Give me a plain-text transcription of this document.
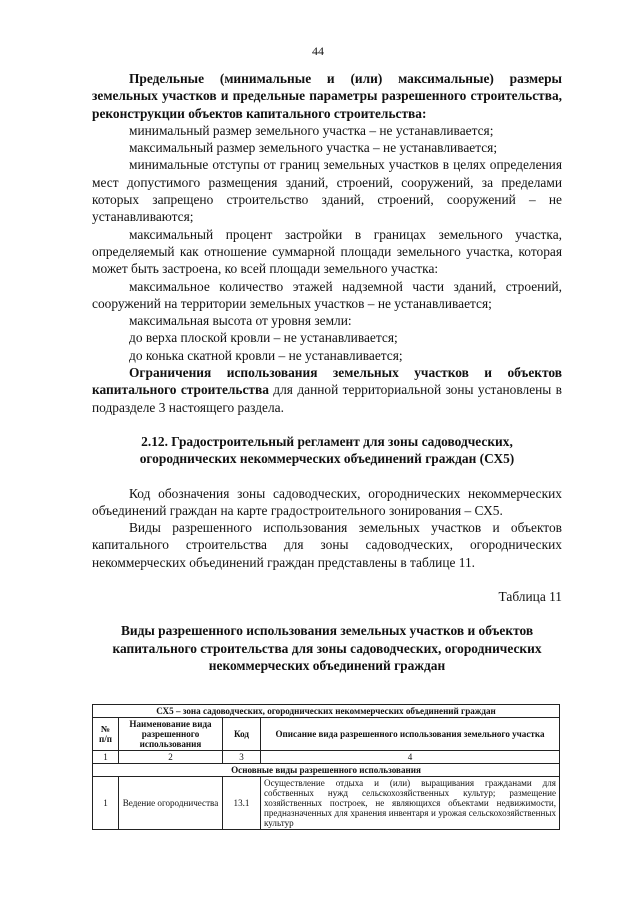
44

Предельные (минимальные и (или) максимальные) размеры земельных участков и предельные параметры разрешенного строительства, реконструкции объектов капитального строительства:

минимальный размер земельного участка – не устанавливается;

максимальный размер земельного участка – не устанавливается;

минимальные отступы от границ земельных участков в целях определения мест допустимого размещения зданий, строений, сооружений, за пределами которых запрещено строительство зданий, строений, сооружений – не устанавливаются;

максимальный процент застройки в границах земельного участка, определяемый как отношение суммарной площади земельного участка, которая может быть застроена, ко всей площади земельного участка:

максимальное количество этажей надземной части зданий, строений, сооружений на территории земельных участков – не устанавливается;

максимальная высота от уровня земли:

до верха плоской кровли – не устанавливается;

до конька скатной кровли – не устанавливается;

Ограничения использования земельных участков и объектов капитального строительства для данной территориальной зоны установлены в подразделе 3 настоящего раздела.

2.12. Градостроительный регламент для зоны садоводческих, огороднических некоммерческих объединений граждан (СХ5)

Код обозначения зоны садоводческих, огороднических некоммерческих объединений граждан на карте градостроительного зонирования – СХ5.

Виды разрешенного использования земельных участков и объектов капитального строительства для зоны садоводческих, огороднических некоммерческих объединений граждан представлены в таблице 11.

Таблица 11

Виды разрешенного использования земельных участков и объектов капитального строительства для зоны садоводческих, огороднических некоммерческих объединений граждан

СХ5 – зона садоводческих, огороднических некоммерческих объединений граждан			
№ п/п	Наименование вида разрешенного использования	Код	Описание вида разрешенного использования земельного участка
1	2	3	4
Основные виды разрешенного использования			
1	Ведение огородничества	13.1	Осуществление отдыха и (или) выращивания гражданами для собственных нужд сельскохозяйственных культур; размещение хозяйственных построек, не являющихся объектами недвижимости, предназначенных для хранения инвентаря и урожая сельскохозяйственных культур
